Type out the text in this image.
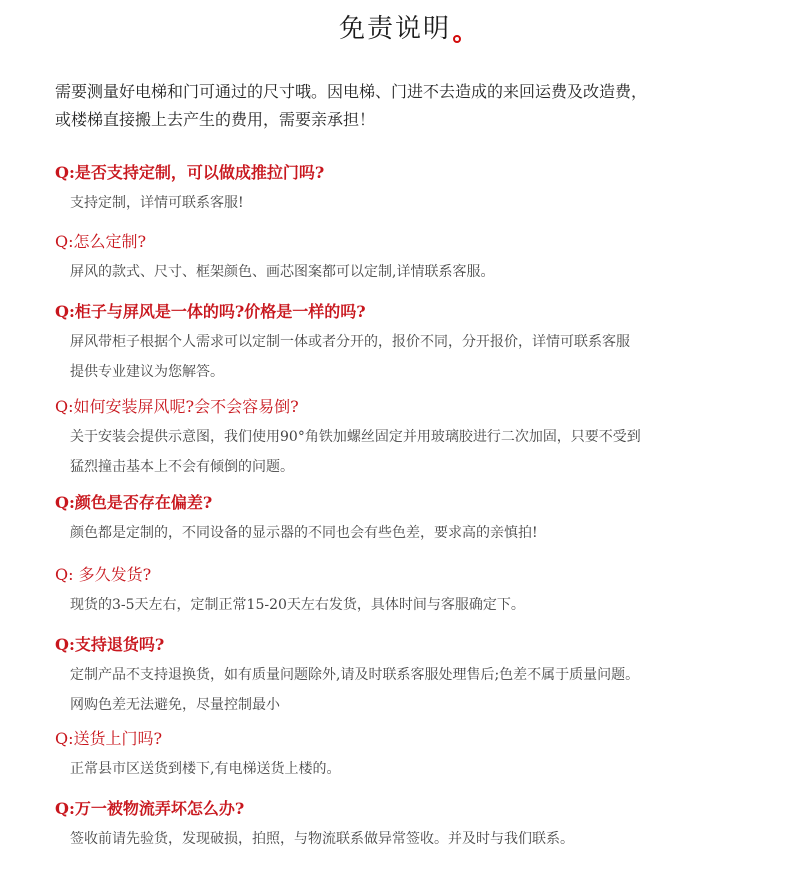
免责说明
需要测量好电梯和门可通过的尺寸哦。因电梯、门进不去造成的来回运费及改造费，
或楼梯直接搬上去产生的费用，需要亲承担！
Q:是否支持定制，可以做成推拉门吗?
支持定制，详情可联系客服!
Q:怎么定制?
屏风的款式、尺寸、框架颜色、画芯图案都可以定制,详情联系客服。
Q:柜子与屏风是一体的吗?价格是一样的吗?
屏风带柜子根据个人需求可以定制一体或者分开的，报价不同，分开报价，详情可联系客服
提供专业建议为您解答。
Q:如何安装屏风呢?会不会容易倒?
关于安装会提供示意图，我们使用90°角铁加螺丝固定并用玻璃胶进行二次加固，只要不受到
猛烈撞击基本上不会有倾倒的问题。
Q:颜色是否存在偏差?
颜色都是定制的，不同设备的显示器的不同也会有些色差，要求高的亲慎拍!
Q: 多久发货?
现货的3-5天左右，定制正常15-20天左右发货，具体时间与客服确定下。
Q:支持退货吗?
定制产品不支持退换货，如有质量问题除外,请及时联系客服处理售后;色差不属于质量问题。
网购色差无法避免，尽量控制最小
Q:送货上门吗?
正常县市区送货到楼下,有电梯送货上楼的。
Q:万一被物流弄坏怎么办?
签收前请先验货，发现破损，拍照，与物流联系做异常签收。并及时与我们联系。
